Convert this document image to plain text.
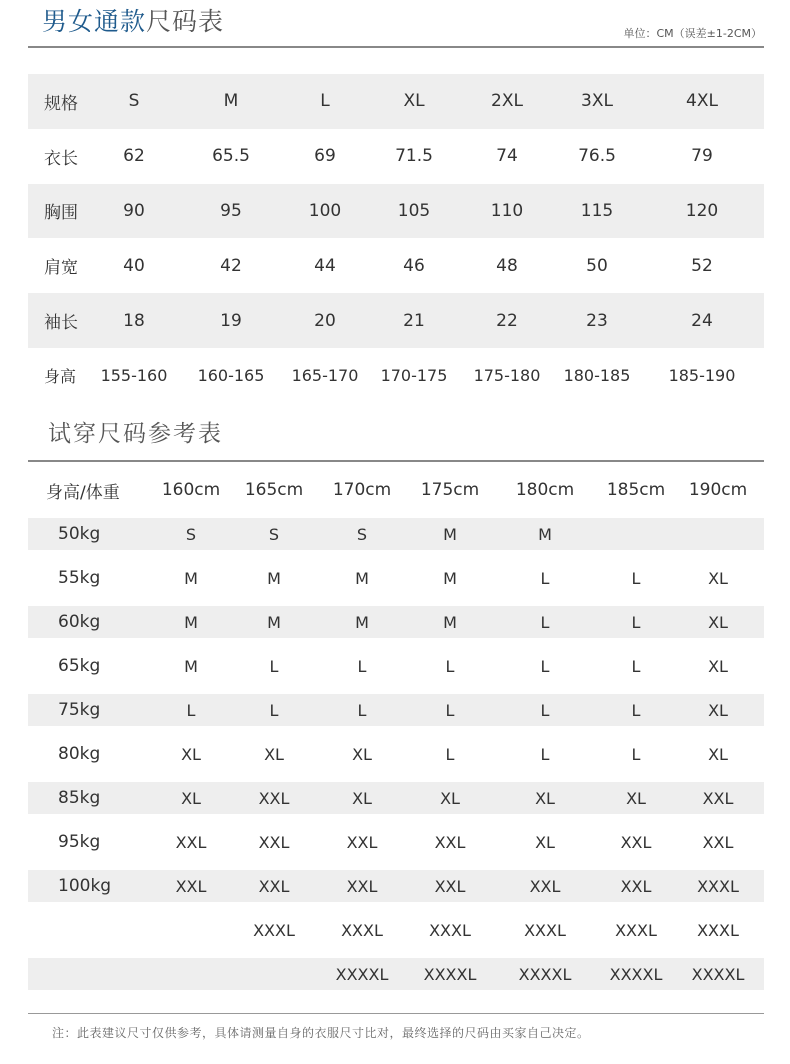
男女通款尺码表	单位：CM（误差±1-2CM）
规格	S	M	L	XL	2XL	3XL	4XL
衣长	62	65.5	69	71.5	74	76.5	79
胸围	90	95	100	105	110	115	120
肩宽	40	42	44	46	48	50	52
袖长	18	19	20	21	22	23	24
身高	155-160	160-165	165-170	170-175	175-180	180-185	185-190
试穿尺码参考表
身高/体重	160cm	165cm	170cm	175cm	180cm	185cm	190cm
50kg	S	S	S	M	M		
55kg	M	M	M	M	L	L	XL
60kg	M	M	M	M	L	L	XL
65kg	M	L	L	L	L	L	XL
75kg	L	L	L	L	L	L	XL
80kg	XL	XL	XL	L	L	L	XL
85kg	XL	XXL	XL	XL	XL	XL	XXL
95kg	XXL	XXL	XXL	XXL	XL	XXL	XXL
100kg	XXL	XXL	XXL	XXL	XXL	XXL	XXXL
		XXXL	XXXL	XXXL	XXXL	XXXL	XXXL
			XXXXL	XXXXL	XXXXL	XXXXL	XXXXL
注：此表建议尺寸仅供参考，具体请测量自身的衣服尺寸比对，最终选择的尺码由买家自己决定。
